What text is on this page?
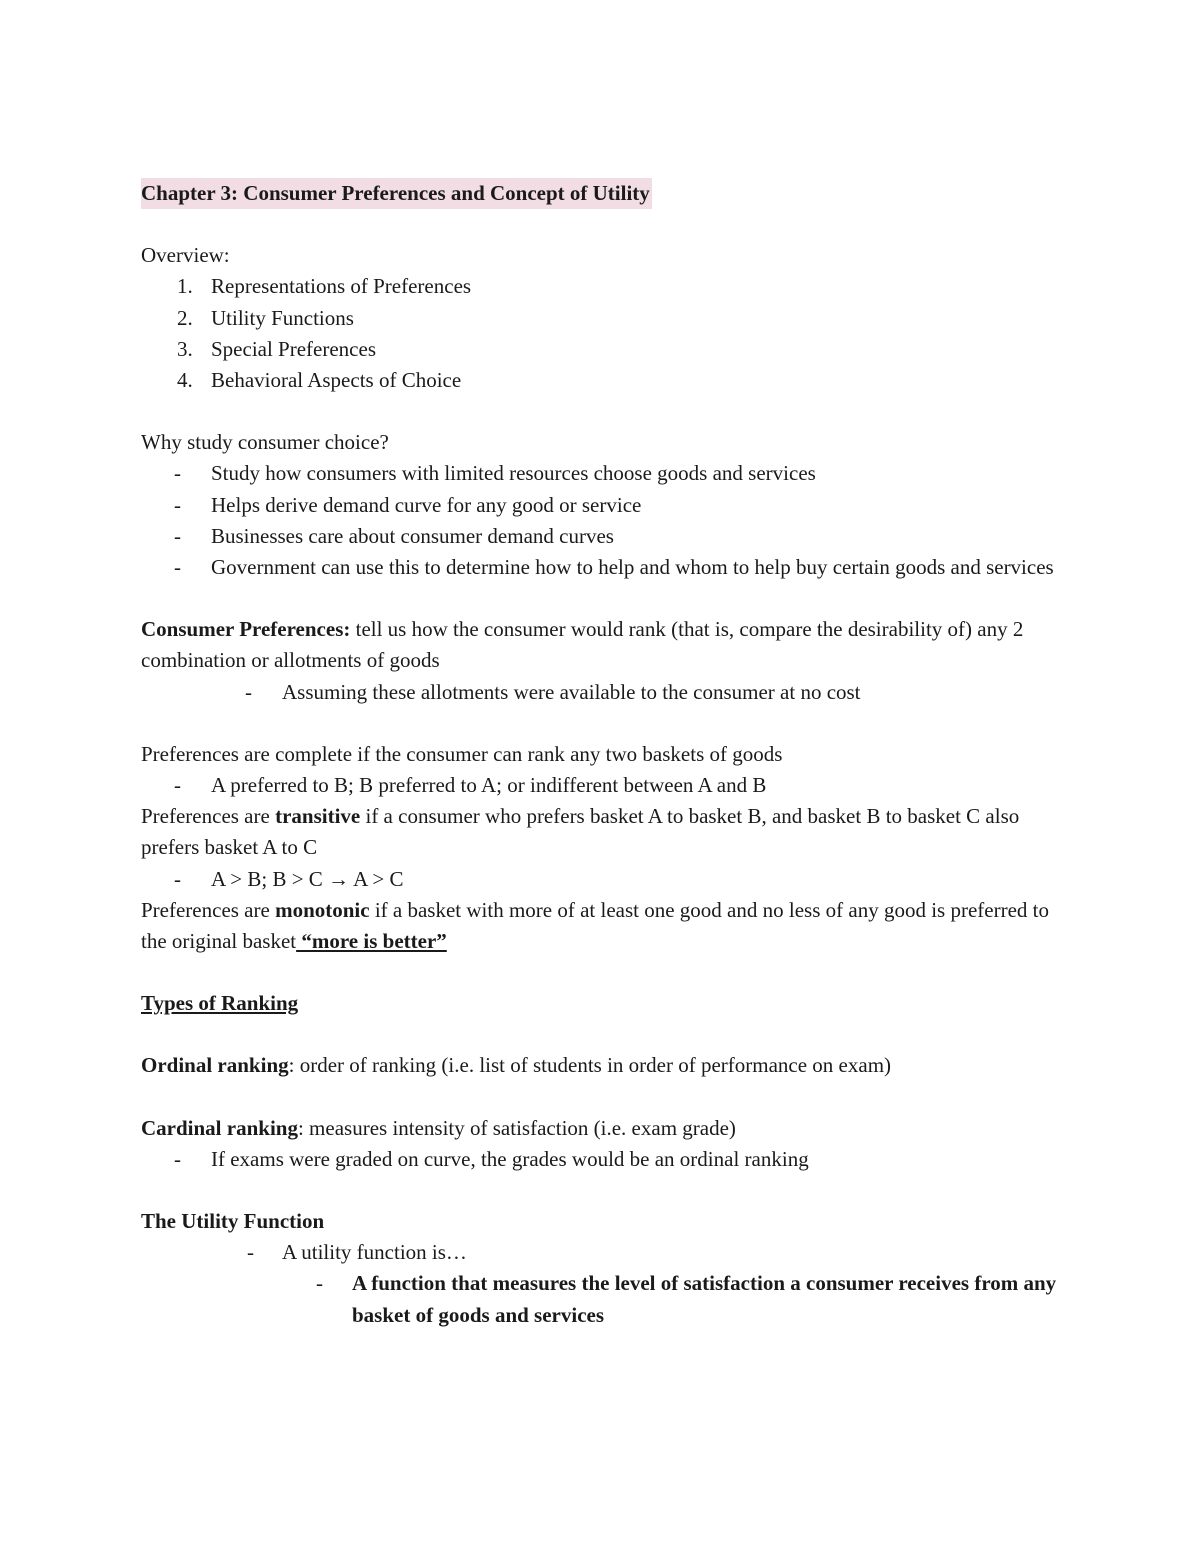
Chapter 3: Consumer Preferences and Concept of Utility

Overview:

1. Representations of Preferences
2. Utility Functions
3. Special Preferences
4. Behavioral Aspects of Choice

Why study consumer choice?

-	Study how consumers with limited resources choose goods and services
-	Helps derive demand curve for any good or service
-	Businesses care about consumer demand curves
-	Government can use this to determine how to help and whom to help buy certain goods and services

Consumer Preferences: tell us how the consumer would rank (that is, compare the desirability of) any 2 combination or allotments of goods

-	Assuming these allotments were available to the consumer at no cost

Preferences are complete if the consumer can rank any two baskets of goods

-	A preferred to B; B preferred to A; or indifferent between A and B

Preferences are transitive if a consumer who prefers basket A to basket B, and basket B to basket C also prefers basket A to C

-	A > B; B > C → A > C

Preferences are monotonic if a basket with more of at least one good and no less of any good is preferred to the original basket “more is better”

Types of Ranking

Ordinal ranking: order of ranking (i.e. list of students in order of performance on exam)

Cardinal ranking: measures intensity of satisfaction (i.e. exam grade)

-	If exams were graded on curve, the grades would be an ordinal ranking

The Utility Function

-	A utility function is…
-	A function that measures the level of satisfaction a consumer receives from any basket of goods and services
